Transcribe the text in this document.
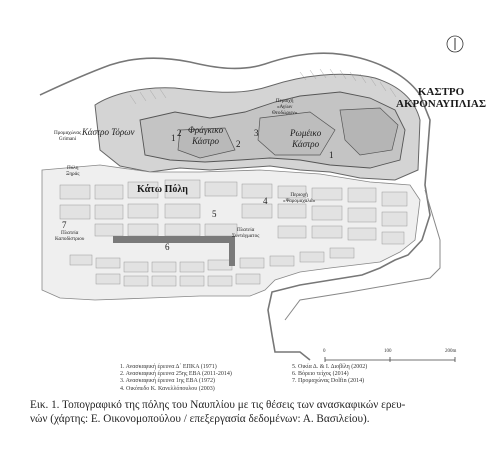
ΚΑΣΤΡΟ
ΑΚΡΟΝΑΥΠΛΙΑΣ
Κάστρο Τόρων	Φράγκικο
Κάστρο
Ρωμέικο
Κάστρο
Κάτω Πόλη
Προμαχώνας
Grimani
Πύλη
Ξηράς
Περιοχή
«Αγίων
Θεοδώρων»
Περιοχή
«Ψαρομαχαλά»
Πλατεία
Συντάγματος
Πλατεία
Καποδίστριου
1 2
2
3
1
4
5
6
7
0	100	200m
1. Ανασκαφική έρευνα Δ΄ ΕΠΚΑ (1971)
2. Ανασκαφική έρευνα 25ης ΕΒΑ (2011-2014)
3. Ανασκαφική έρευνα 1ης ΕΒΑ (1972)
4. Οικόπεδο Κ. Κανελλόπουλου (2003)
5. Οικία Δ. & Ι. Διοβίλη (2002)
6. Βόρειο τείχος (2014)
7. Προμαχώνας Dolfin (2014)
Εικ. 1. Τοπογραφικό της πόλης του Ναυπλίου με τις θέσεις των ανασκαφικών ερευ-
νών (χάρτης: Ε. Οικονομοπούλου / επεξεργασία δεδομένων: Α. Βασιλείου).
